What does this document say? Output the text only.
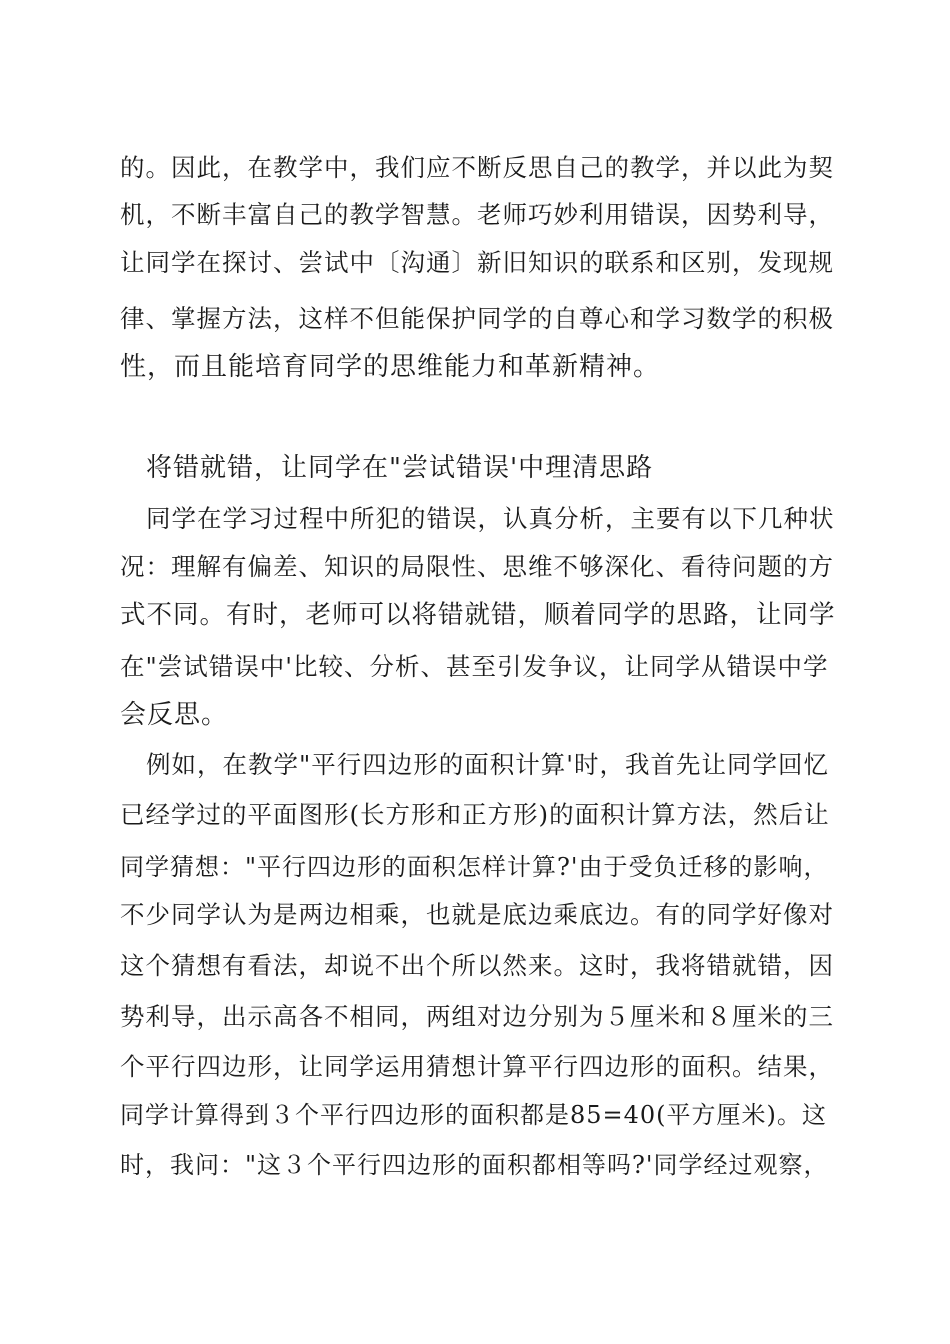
的。因此，在教学中，我们应不断反思自己的教学，并以此为契
机，不断丰富自己的教学智慧。老师巧妙利用错误，因势利导，
让同学在探讨、尝试中〔沟通〕新旧知识的联系和区别，发现规
律、掌握方法，这样不但能保护同学的自尊心和学习数学的积极
性，而且能培育同学的思维能力和革新精神。
将错就错，让同学在"尝试错误'中理清思路
同学在学习过程中所犯的错误，认真分析，主要有以下几种状
况：理解有偏差、知识的局限性、思维不够深化、看待问题的方
式不同。有时，老师可以将错就错，顺着同学的思路，让同学
在"尝试错误中'比较、分析、甚至引发争议，让同学从错误中学
会反思。
例如，在教学"平行四边形的面积计算'时，我首先让同学回忆
已经学过的平面图形(长方形和正方形)的面积计算方法，然后让
同学猜想："平行四边形的面积怎样计算?'由于受负迁移的影响，
不少同学认为是两边相乘，也就是底边乘底边。有的同学好像对
这个猜想有看法，却说不出个所以然来。这时，我将错就错，因
势利导，出示高各不相同，两组对边分别为５厘米和８厘米的三
个平行四边形，让同学运用猜想计算平行四边形的面积。结果，
同学计算得到３个平行四边形的面积都是85=40(平方厘米)。这
时，我问："这３个平行四边形的面积都相等吗?'同学经过观察，
